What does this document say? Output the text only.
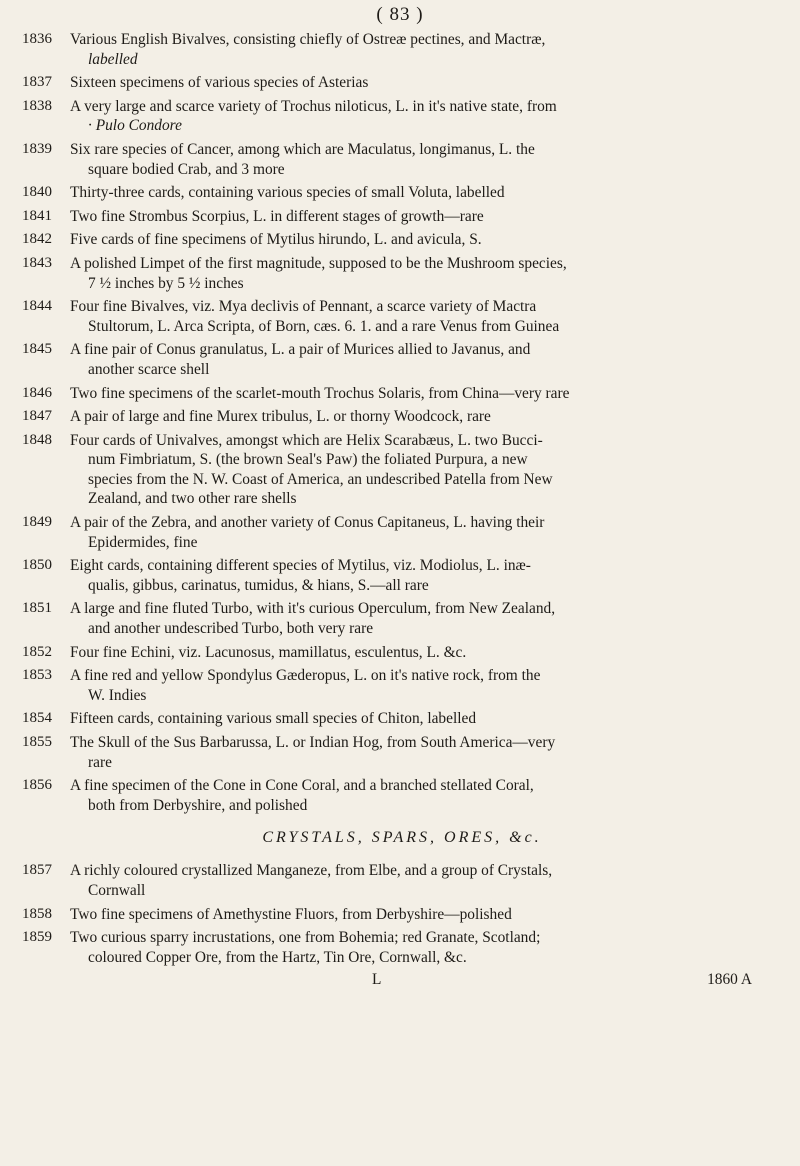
( 83 )
1836	Various English Bivalves, consisting chiefly of Ostreæ pectines, and Mactræ,
labelled
1837	Sixteen specimens of various species of Asterias
1838	A very large and scarce variety of Trochus niloticus, L. in it's native state, from
· Pulo Condore
1839	Six rare species of Cancer, among which are Maculatus, longimanus, L. the
square bodied Crab, and 3 more
1840	Thirty-three cards, containing various species of small Voluta, labelled
1841	Two fine Strombus Scorpius, L. in different stages of growth—rare
1842	Five cards of fine specimens of Mytilus hirundo, L. and avicula, S.
1843	A polished Limpet of the first magnitude, supposed to be the Mushroom species,
7 ½ inches by 5 ½ inches
1844	Four fine Bivalves, viz. Mya declivis of Pennant, a scarce variety of Mactra
Stultorum, L. Arca Scripta, of Born, cæs. 6. 1. and a rare Venus from Guinea
1845	A fine pair of Conus granulatus, L. a pair of Murices allied to Javanus, and
another scarce shell
1846	Two fine specimens of the scarlet-mouth Trochus Solaris, from China—very rare
1847	A pair of large and fine Murex tribulus, L. or thorny Woodcock, rare
1848	Four cards of Univalves, amongst which are Helix Scarabæus, L. two Bucci-
num Fimbriatum, S. (the brown Seal's Paw) the foliated Purpura, a new
species from the N. W. Coast of America, an undescribed Patella from New
Zealand, and two other rare shells
1849	A pair of the Zebra, and another variety of Conus Capitaneus, L. having their
Epidermides, fine
1850	Eight cards, containing different species of Mytilus, viz. Modiolus, L. inæ-
qualis, gibbus, carinatus, tumidus, & hians, S.—all rare
1851	A large and fine fluted Turbo, with it's curious Operculum, from New Zealand,
and another undescribed Turbo, both very rare
1852	Four fine Echini, viz. Lacunosus, mamillatus, esculentus, L. &c.
1853	A fine red and yellow Spondylus Gæderopus, L. on it's native rock, from the
W. Indies
1854	Fifteen cards, containing various small species of Chiton, labelled
1855	The Skull of the Sus Barbarussa, L. or Indian Hog, from South America—very
rare
1856	A fine specimen of the Cone in Cone Coral, and a branched stellated Coral,
both from Derbyshire, and polished
CRYSTALS, SPARS, ORES, &c.
1857	A richly coloured crystallized Manganeze, from Elbe, and a group of Crystals,
Cornwall
1858	Two fine specimens of Amethystine Fluors, from Derbyshire—polished
1859	Two curious sparry incrustations, one from Bohemia; red Granate, Scotland;
coloured Copper Ore, from the Hartz, Tin Ore, Cornwall, &c.
L	1860 A
